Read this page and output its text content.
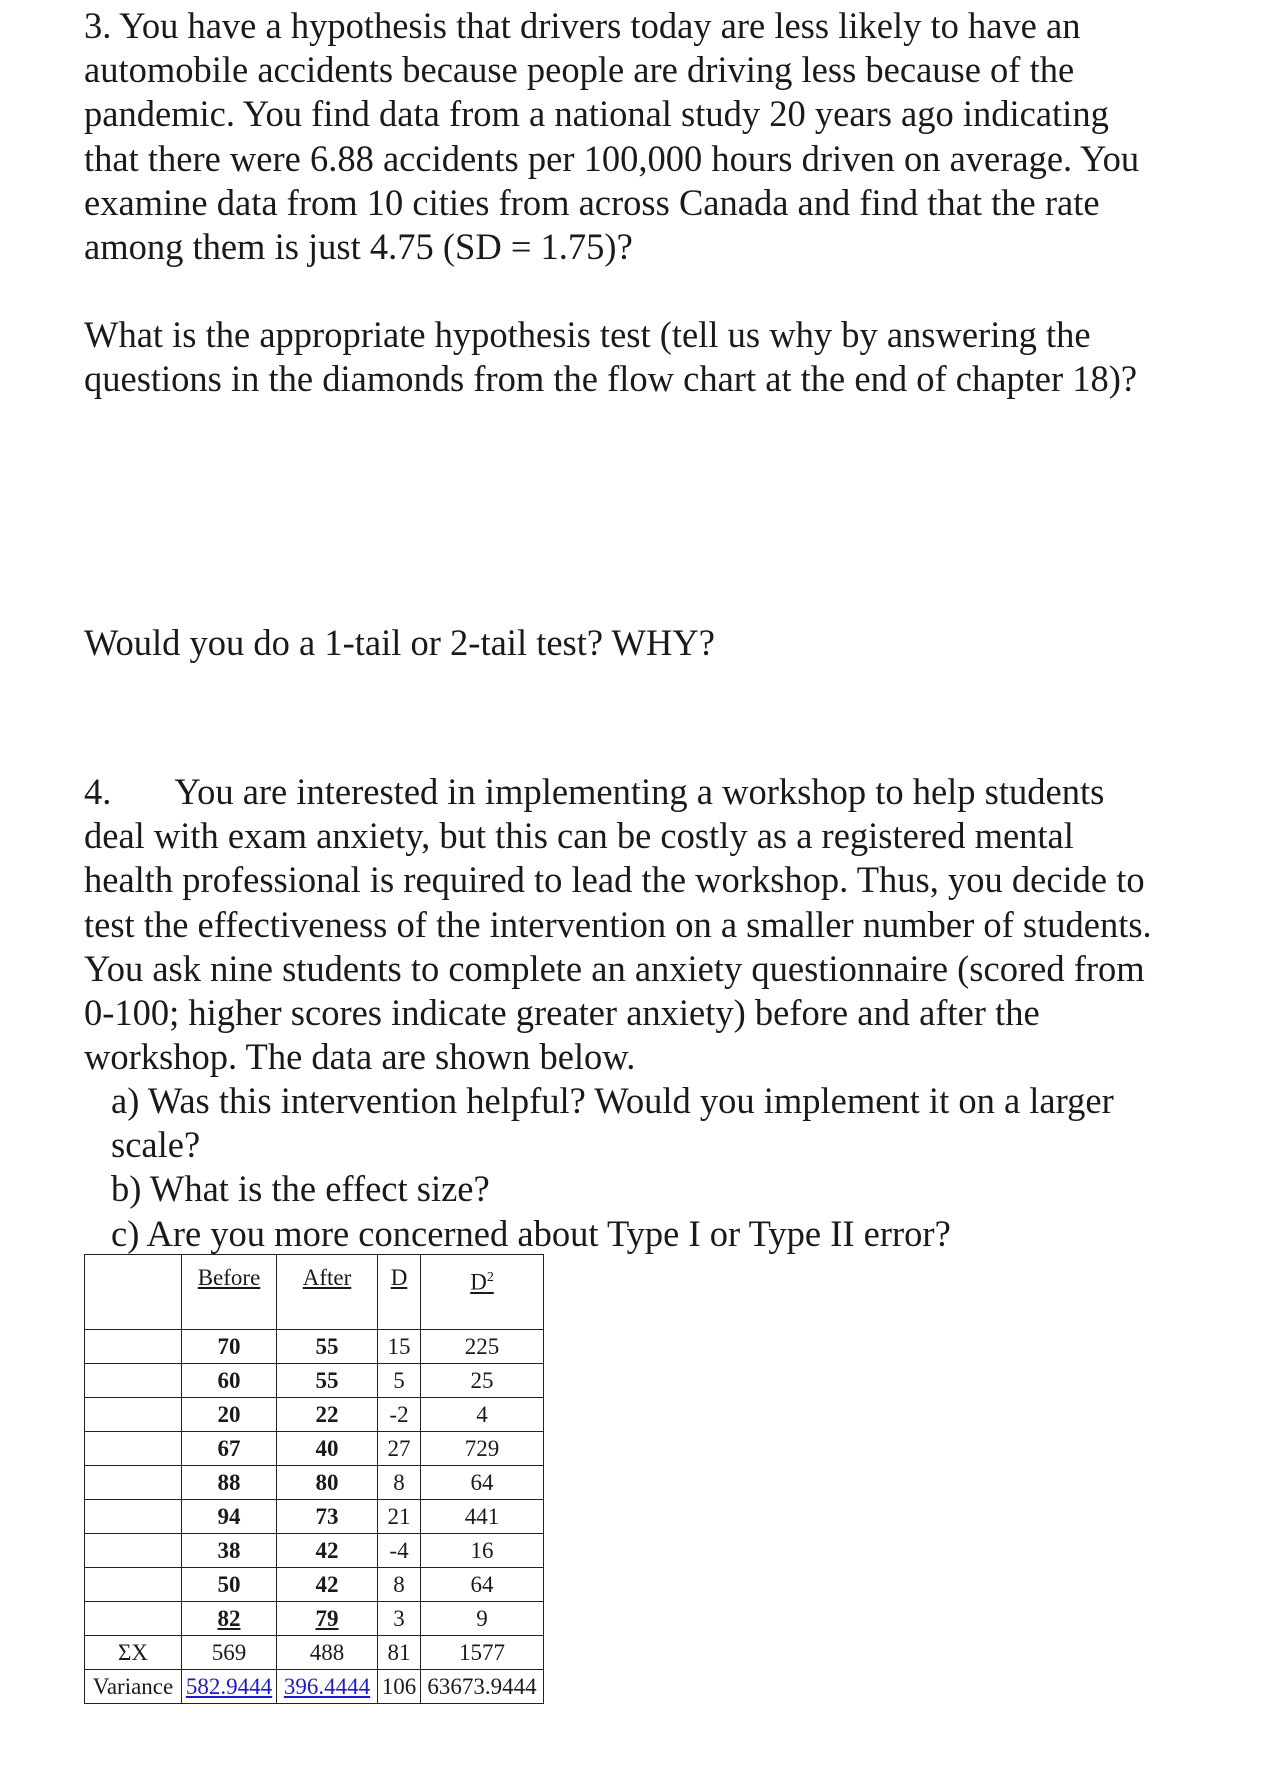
3. You have a hypothesis that drivers today are less likely to have an
automobile accidents because people are driving less because of the
pandemic. You find data from a national study 20 years ago indicating
that there were 6.88 accidents per 100,000 hours driven on average. You
examine data from 10 cities from across Canada and find that the rate
among them is just 4.75 (SD = 1.75)?
What is the appropriate hypothesis test (tell us why by answering the
questions in the diamonds from the flow chart at the end of chapter 18)?
Would you do a 1-tail or 2-tail test? WHY?
4. You are interested in implementing a workshop to help students
deal with exam anxiety, but this can be costly as a registered mental
health professional is required to lead the workshop. Thus, you decide to
test the effectiveness of the intervention on a smaller number of students.
You ask nine students to complete an anxiety questionnaire (scored from
0-100; higher scores indicate greater anxiety) before and after the
workshop. The data are shown below.
a) Was this intervention helpful? Would you implement it on a larger
scale?
b) What is the effect size?
c) Are you more concerned about Type I or Type II error?
	Before	After	D	$D^2$
	70	55	15	225
	60	55	5	25
	20	22	-2	4
	67	40	27	729
	88	80	8	64
	94	73	21	441
	38	42	-4	16
	50	42	8	64
	82	79	3	9
ΣX	569	488	81	1577
Variance	582.9444	396.4444	106	63673.9444
